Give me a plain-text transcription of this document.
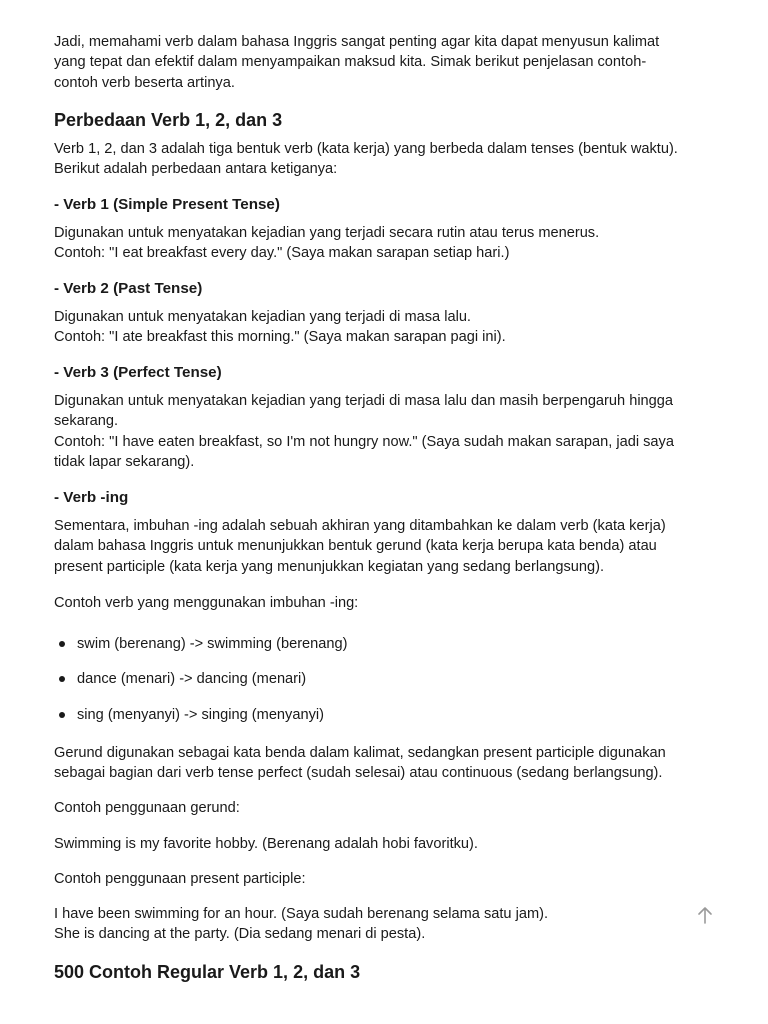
Jadi, memahami verb dalam bahasa Inggris sangat penting agar kita dapat menyusun kalimat

yang tepat dan efektif dalam menyampaikan maksud kita. Simak berikut penjelasan contoh-

contoh verb beserta artinya.

Perbedaan Verb 1, 2, dan 3

Verb 1, 2, dan 3 adalah tiga bentuk verb (kata kerja) yang berbeda dalam tenses (bentuk waktu).

Berikut adalah perbedaan antara ketiganya:

- Verb 1 (Simple Present Tense)

Digunakan untuk menyatakan kejadian yang terjadi secara rutin atau terus menerus.

Contoh: "I eat breakfast every day." (Saya makan sarapan setiap hari.)

- Verb 2 (Past Tense)

Digunakan untuk menyatakan kejadian yang terjadi di masa lalu.

Contoh: "I ate breakfast this morning." (Saya makan sarapan pagi ini).

- Verb 3 (Perfect Tense)

Digunakan untuk menyatakan kejadian yang terjadi di masa lalu dan masih berpengaruh hingga

sekarang.

Contoh: "I have eaten breakfast, so I'm not hungry now." (Saya sudah makan sarapan, jadi saya

tidak lapar sekarang).

- Verb -ing

Sementara, imbuhan -ing adalah sebuah akhiran yang ditambahkan ke dalam verb (kata kerja)

dalam bahasa Inggris untuk menunjukkan bentuk gerund (kata kerja berupa kata benda) atau

present participle (kata kerja yang menunjukkan kegiatan yang sedang berlangsung).

Contoh verb yang menggunakan imbuhan -ing:

swim (berenang) -> swimming (berenang)
dance (menari) -> dancing (menari)
sing (menyanyi) -> singing (menyanyi)

Gerund digunakan sebagai kata benda dalam kalimat, sedangkan present participle digunakan

sebagai bagian dari verb tense perfect (sudah selesai) atau continuous (sedang berlangsung).

Contoh penggunaan gerund:

Swimming is my favorite hobby. (Berenang adalah hobi favoritku).

Contoh penggunaan present participle:

I have been swimming for an hour. (Saya sudah berenang selama satu jam).

She is dancing at the party. (Dia sedang menari di pesta).

500 Contoh Regular Verb 1, 2, dan 3
